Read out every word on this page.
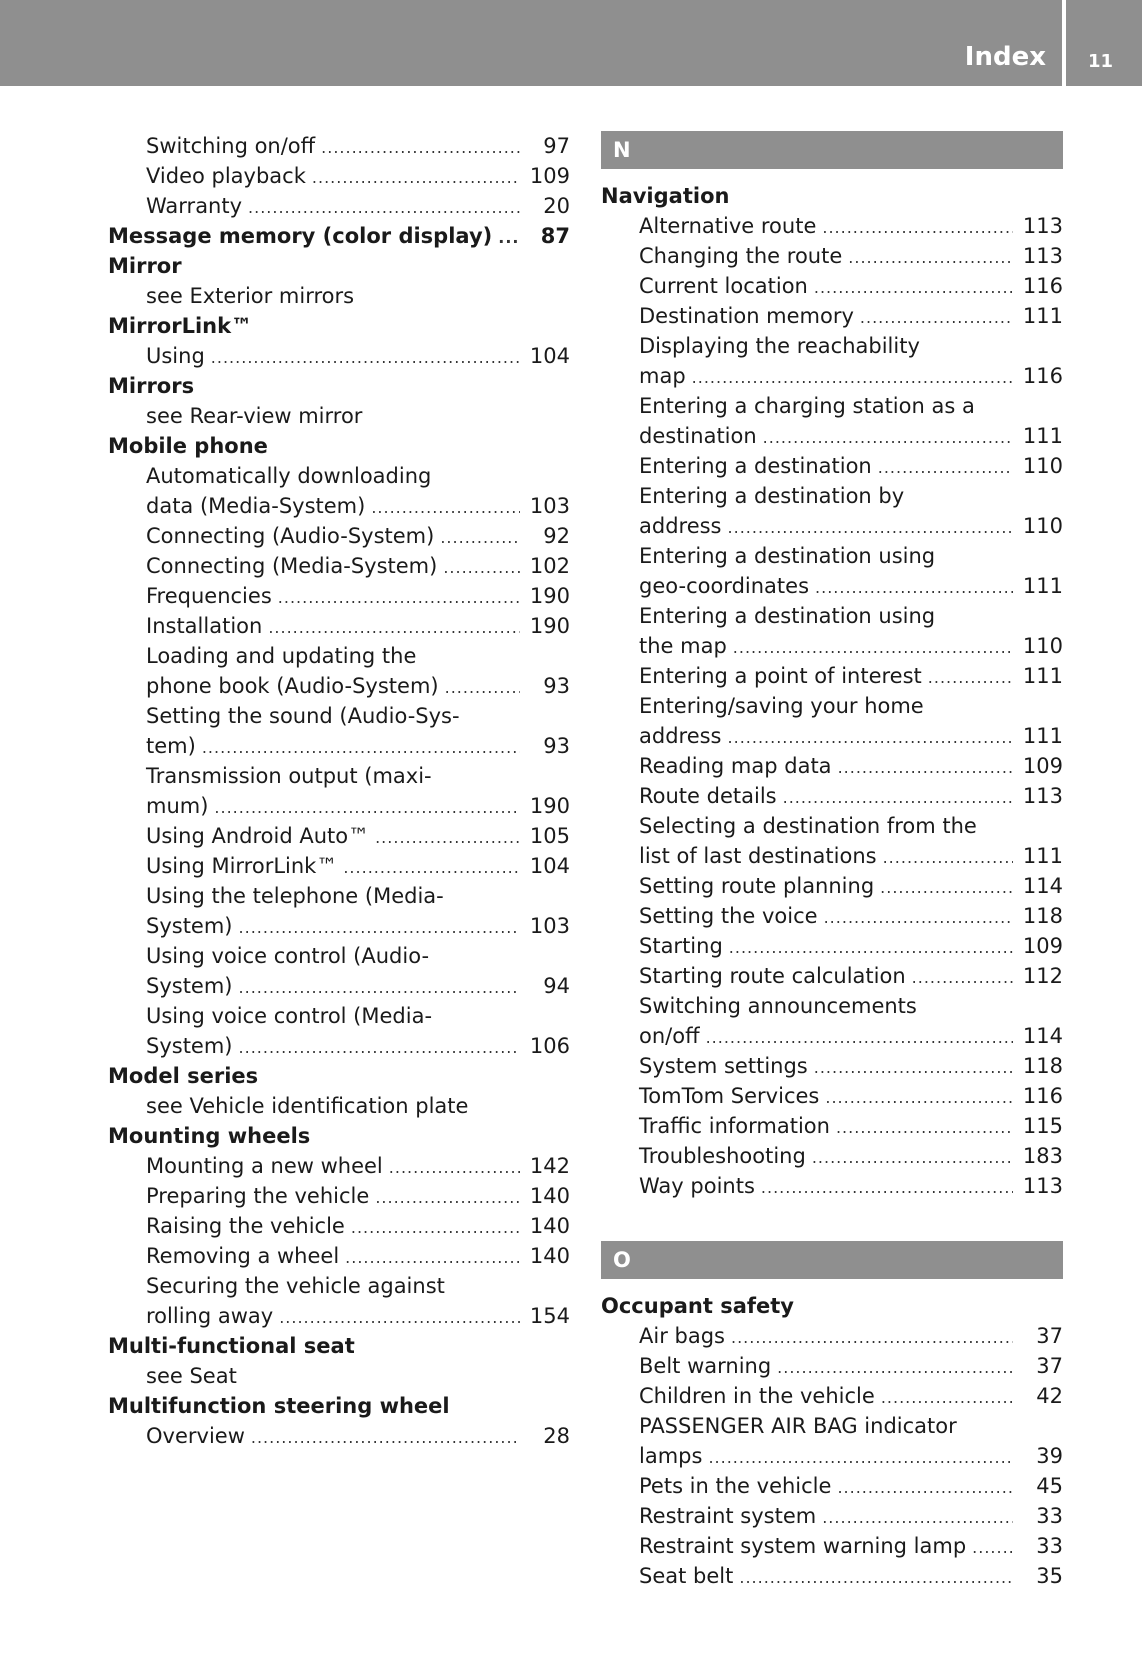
Index	11
Switching on/off .....	97
Video playback .....	109
Warranty .....	20
Message memory (color display) .....	87
Mirror
see Exterior mirrors
MirrorLink™
Using .....	104
Mirrors
see Rear-view mirror
Mobile phone
Automatically downloading
data (Media-System) .....	103
Connecting (Audio-System) .....	92
Connecting (Media-System) .....	102
Frequencies .....	190
Installation .....	190
Loading and updating the
phone book (Audio-System) .....	93
Setting the sound (Audio-Sys-
tem) .....	93
Transmission output (maxi-
mum) .....	190
Using Android Auto™ .....	105
Using MirrorLink™ .....	104
Using the telephone (Media-
System) .....	103
Using voice control (Audio-
System) .....	94
Using voice control (Media-
System) .....	106
Model series
see Vehicle identification plate
Mounting wheels
Mounting a new wheel .....	142
Preparing the vehicle .....	140
Raising the vehicle .....	140
Removing a wheel .....	140
Securing the vehicle against
rolling away .....	154
Multi-functional seat
see Seat
Multifunction steering wheel
Overview .....	28
N
Navigation
Alternative route .....	113
Changing the route .....	113
Current location .....	116
Destination memory .....	111
Displaying the reachability
map .....	116
Entering a charging station as a
destination .....	111
Entering a destination .....	110
Entering a destination by
address .....	110
Entering a destination using
geo-coordinates .....	111
Entering a destination using
the map .....	110
Entering a point of interest .....	111
Entering/saving your home
address .....	111
Reading map data .....	109
Route details .....	113
Selecting a destination from the
list of last destinations .....	111
Setting route planning .....	114
Setting the voice .....	118
Starting .....	109
Starting route calculation .....	112
Switching announcements
on/off .....	114
System settings .....	118
TomTom Services .....	116
Traffic information .....	115
Troubleshooting .....	183
Way points .....	113
O
Occupant safety
Air bags .....	37
Belt warning .....	37
Children in the vehicle .....	42
PASSENGER AIR BAG indicator
lamps .....	39
Pets in the vehicle .....	45
Restraint system .....	33
Restraint system warning lamp .....	33
Seat belt .....	35
